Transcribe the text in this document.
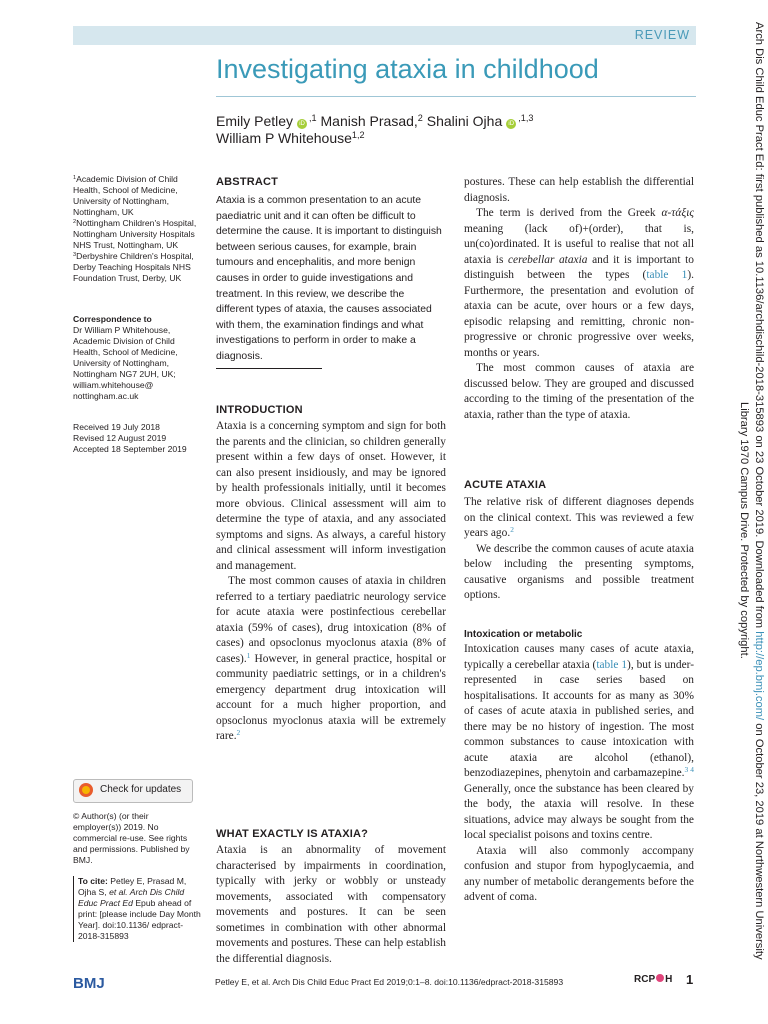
REVIEW
Investigating ataxia in childhood
Emily Petley $iD^{,1}$ Manish Prasad,$^2$ Shalini Ojha $iD^{,1,3}$
William P Whitehouse$^{1,2}$

$^1$Academic Division of Child Health, School of Medicine, University of Nottingham, Nottingham, UK

$^2$Nottingham Children's Hospital, Nottingham University Hospitals NHS Trust, Nottingham, UK

$^3$Derbyshire Children's Hospital, Derby Teaching Hospitals NHS Foundation Trust, Derby, UK

Correspondence to

Dr William P Whitehouse, Academic Division of Child Health, School of Medicine, University of Nottingham, Nottingham NG7 2UH, UK; william.whitehouse@ nottingham.ac.uk

Received 19 July 2018

Revised 12 August 2019

Accepted 18 September 2019

Check for updates
© Author(s) (or their employer(s)) 2019. No commercial re-use. See rights and permissions. Published by BMJ.
To cite: Petley E, Prasad M, Ojha S, et al. Arch Dis Child Educ Pract Ed Epub ahead of print: [please include Day Month Year]. doi:10.1136/ edpract-2018-315893
ABSTRACT
Ataxia is a common presentation to an acute paediatric unit and it can often be difficult to determine the cause. It is important to distinguish between serious causes, for example, brain tumours and encephalitis, and more benign causes in order to guide investigations and treatment. In this review, we describe the different types of ataxia, the causes associated with them, the examination findings and what investigations to perform in order to make a diagnosis.
INTRODUCTION

Ataxia is a concerning symptom and sign for both the parents and the clinician, so children generally present within a few days of onset. However, it can also present insidiously, and may be ignored by health professionals initially, until it becomes more obvious. Clinical assessment will aim to determine the type of ataxia, and any associated symptoms and signs. As always, a careful history and clinical assessment will inform investigation and management.

The most common causes of ataxia in children referred to a tertiary paediatric neurology service for acute ataxia were postinfectious cerebellar ataxia (59% of cases), drug intoxication (8% of cases) and opsoclonus myoclonus ataxia (8% of cases).$^1$ However, in general practice, hospital or community paediatric settings, or in a children's emergency department drug intoxication will account for a much higher proportion, and opsoclonus myoclonus ataxia will be extremely rare.$^2$

WHAT EXACTLY IS ATAXIA?

Ataxia is an abnormality of movement characterised by impairments in coordination, typically with jerky or wobbly or unsteady movements, associated with compensatory movements and postures. It can be seen sometimes in combination with other abnormal movements and postures. These can help establish the differential diagnosis.

postures. These can help establish the differential diagnosis.

The term is derived from the Greek α-τάξις meaning (lack of)+(order), that is, un(co)ordinated. It is useful to realise that not all ataxia is cerebellar ataxia and it is important to distinguish between the types (table 1). Furthermore, the presentation and evolution of ataxia can be acute, over hours or a few days, episodic relapsing and remitting, chronic non-progressive or chronic progressive over weeks, months or years.

The most common causes of ataxia are discussed below. They are grouped and discussed according to the timing of the presentation of the ataxia, rather than the type of ataxia.

ACUTE ATAXIA

The relative risk of different diagnoses depends on the clinical context. This was reviewed a few years ago.$^2$

We describe the common causes of acute ataxia below including the presenting symptoms, causative organisms and possible treatment options.

Intoxication or metabolic

Intoxication causes many cases of acute ataxia, typically a cerebellar ataxia (table 1), but is under-represented in case series based on hospitalisations. It accounts for as many as 30% of cases of acute ataxia in published series, and there may be no history of ingestion. The most common substances to cause intoxication with acute ataxia are alcohol (ethanol), benzodiazepines, phenytoin and carbamazepine.$^{3 4}$ Generally, once the substance has been cleared by the body, the ataxia will resolve. In these situations, advice may always be sought from the local specialist poisons and toxins centre.

Ataxia will also commonly accompany confusion and stupor from hypoglycaemia, and any number of metabolic derangements before the advent of coma.

BMJ	Petley E, et al. Arch Dis Child Educ Pract Ed 2019;0:1–8. doi:10.1136/edpract-2018-315893	RCP H 1
Arch Dis Child Educ Pract Ed: first published as 10.1136/archdischild-2018-315893 on 23 October 2019. Downloaded from http://ep.bmj.com/ on October 23, 2019 at Northwestern University
Library 1970 Campus Drive. Protected by copyright.
